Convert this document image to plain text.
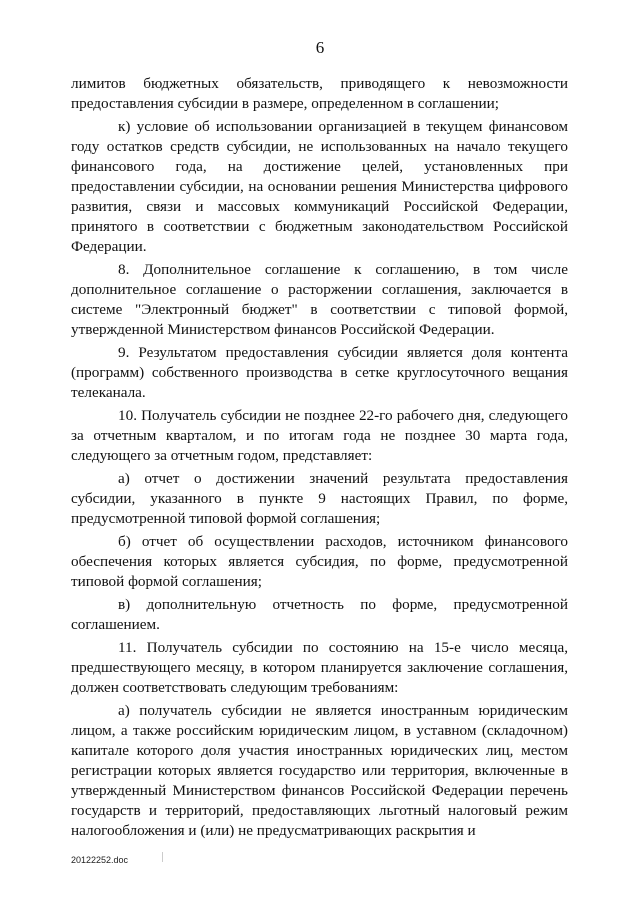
6

лимитов бюджетных обязательств, приводящего к невозможности предоставления субсидии в размере, определенном в соглашении;

к) условие об использовании организацией в текущем финансовом году остатков средств субсидии, не использованных на начало текущего финансового года, на достижение целей, установленных при предоставлении субсидии, на основании решения Министерства цифрового развития, связи и массовых коммуникаций Российской Федерации, принятого в соответствии с бюджетным законодательством Российской Федерации.

8. Дополнительное соглашение к соглашению, в том числе дополнительное соглашение о расторжении соглашения, заключается в системе "Электронный бюджет" в соответствии с типовой формой, утвержденной Министерством финансов Российской Федерации.

9. Результатом предоставления субсидии является доля контента (программ) собственного производства в сетке круглосуточного вещания телеканала.

10. Получатель субсидии не позднее 22-го рабочего дня, следующего за отчетным кварталом, и по итогам года не позднее 30 марта года, следующего за отчетным годом, представляет:

а) отчет о достижении значений результата предоставления субсидии, указанного в пункте 9 настоящих Правил, по форме, предусмотренной типовой формой соглашения;

б) отчет об осуществлении расходов, источником финансового обеспечения которых является субсидия, по форме, предусмотренной типовой формой соглашения;

в) дополнительную отчетность по форме, предусмотренной соглашением.

11. Получатель субсидии по состоянию на 15-е число месяца, предшествующего месяцу, в котором планируется заключение соглашения, должен соответствовать следующим требованиям:

а) получатель субсидии не является иностранным юридическим лицом, а также российским юридическим лицом, в уставном (складочном) капитале которого доля участия иностранных юридических лиц, местом регистрации которых является государство или территория, включенные в утвержденный Министерством финансов Российской Федерации перечень государств и территорий, предоставляющих льготный налоговый режим налогообложения и (или) не предусматривающих раскрытия и

20122252.doc
